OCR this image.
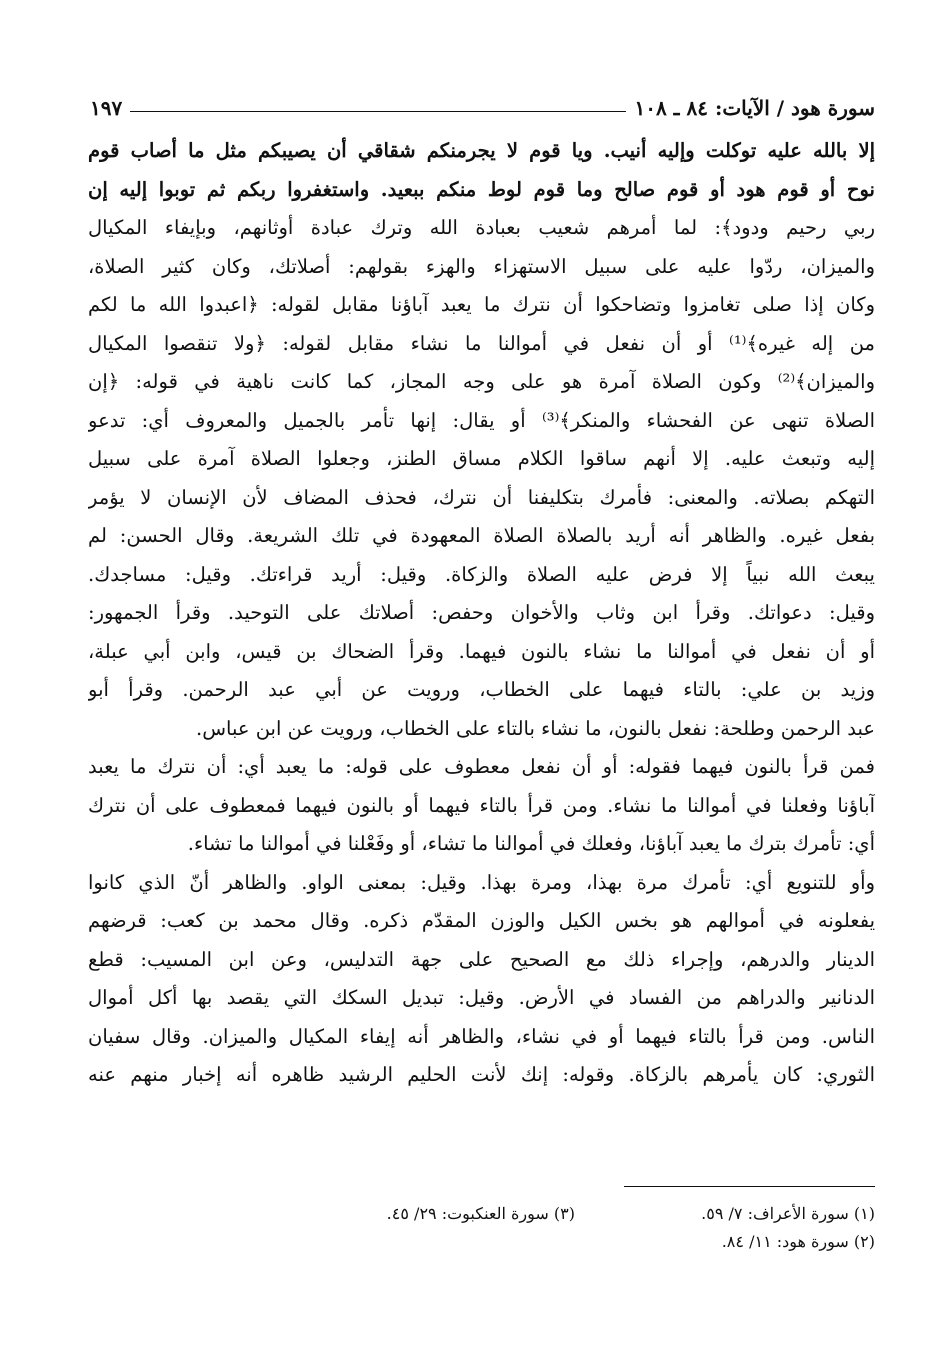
سورة هود / الآيات: ٨٤ ـ ١٠٨
١٩٧
إلا بالله عليه توكلت وإليه أنيب. ويا قوم لا يجرمنكم شقاقي أن يصيبكم مثل ما أصاب قوم
نوح أو قوم هود أو قوم صالح وما قوم لوط منكم ببعيد. واستغفروا ربكم ثم توبوا إليه إن
ربي رحيم ودود﴾: لما أمرهم شعيب بعبادة الله وترك عبادة أوثانهم، وبإيفاء المكيال
والميزان، ردّوا عليه على سبيل الاستهزاء والهزء بقولهم: أصلاتك، وكان كثير الصلاة،
وكان إذا صلى تغامزوا وتضاحكوا أن نترك ما يعبد آباؤنا مقابل لقوله: ﴿اعبدوا الله ما لكم
من إله غيره﴾⁽¹⁾ أو أن نفعل في أموالنا ما نشاء مقابل لقوله: ﴿ولا تنقصوا المكيال
والميزان﴾⁽²⁾ وكون الصلاة آمرة هو على وجه المجاز، كما كانت ناهية في قوله: ﴿إن
الصلاة تنهى عن الفحشاء والمنكر﴾⁽³⁾ أو يقال: إنها تأمر بالجميل والمعروف أي: تدعو
إليه وتبعث عليه. إلا أنهم ساقوا الكلام مساق الطنز، وجعلوا الصلاة آمرة على سبيل
التهكم بصلاته. والمعنى: فأمرك بتكليفنا أن نترك، فحذف المضاف لأن الإنسان لا يؤمر
بفعل غيره. والظاهر أنه أريد بالصلاة الصلاة المعهودة في تلك الشريعة. وقال الحسن: لم
يبعث الله نبياً إلا فرض عليه الصلاة والزكاة. وقيل: أريد قراءتك. وقيل: مساجدك.
وقيل: دعواتك. وقرأ ابن وثاب والأخوان وحفص: أصلاتك على التوحيد. وقرأ الجمهور:
أو أن نفعل في أموالنا ما نشاء بالنون فيهما. وقرأ الضحاك بن قيس، وابن أبي عبلة،
وزيد بن علي: بالتاء فيهما على الخطاب، ورويت عن أبي عبد الرحمن. وقرأ أبو
عبد الرحمن وطلحة: نفعل بالنون، ما نشاء بالتاء على الخطاب، ورويت عن ابن عباس.
فمن قرأ بالنون فيهما فقوله: أو أن نفعل معطوف على قوله: ما يعبد أي: أن نترك ما يعبد
آباؤنا وفعلنا في أموالنا ما نشاء. ومن قرأ بالتاء فيهما أو بالنون فيهما فمعطوف على أن نترك
أي: تأمرك بترك ما يعبد آباؤنا، وفعلك في أموالنا ما تشاء، أو وفَعْلنا في أموالنا ما تشاء.
وأو للتنويع أي: تأمرك مرة بهذا، ومرة بهذا. وقيل: بمعنى الواو. والظاهر أنّ الذي كانوا
يفعلونه في أموالهم هو بخس الكيل والوزن المقدّم ذكره. وقال محمد بن كعب: قرضهم
الدينار والدرهم، وإجراء ذلك مع الصحيح على جهة التدليس، وعن ابن المسيب: قطع
الدنانير والدراهم من الفساد في الأرض. وقيل: تبديل السكك التي يقصد بها أكل أموال
الناس. ومن قرأ بالتاء فيهما أو في نشاء، والظاهر أنه إيفاء المكيال والميزان. وقال سفيان
الثوري: كان يأمرهم بالزكاة. وقوله: إنك لأنت الحليم الرشيد ظاهره أنه إخبار منهم عنه
(١) سورة الأعراف: ٧/ ٥٩.
(٣) سورة العنكبوت: ٢٩/ ٤٥.
(٢) سورة هود: ١١/ ٨٤.
